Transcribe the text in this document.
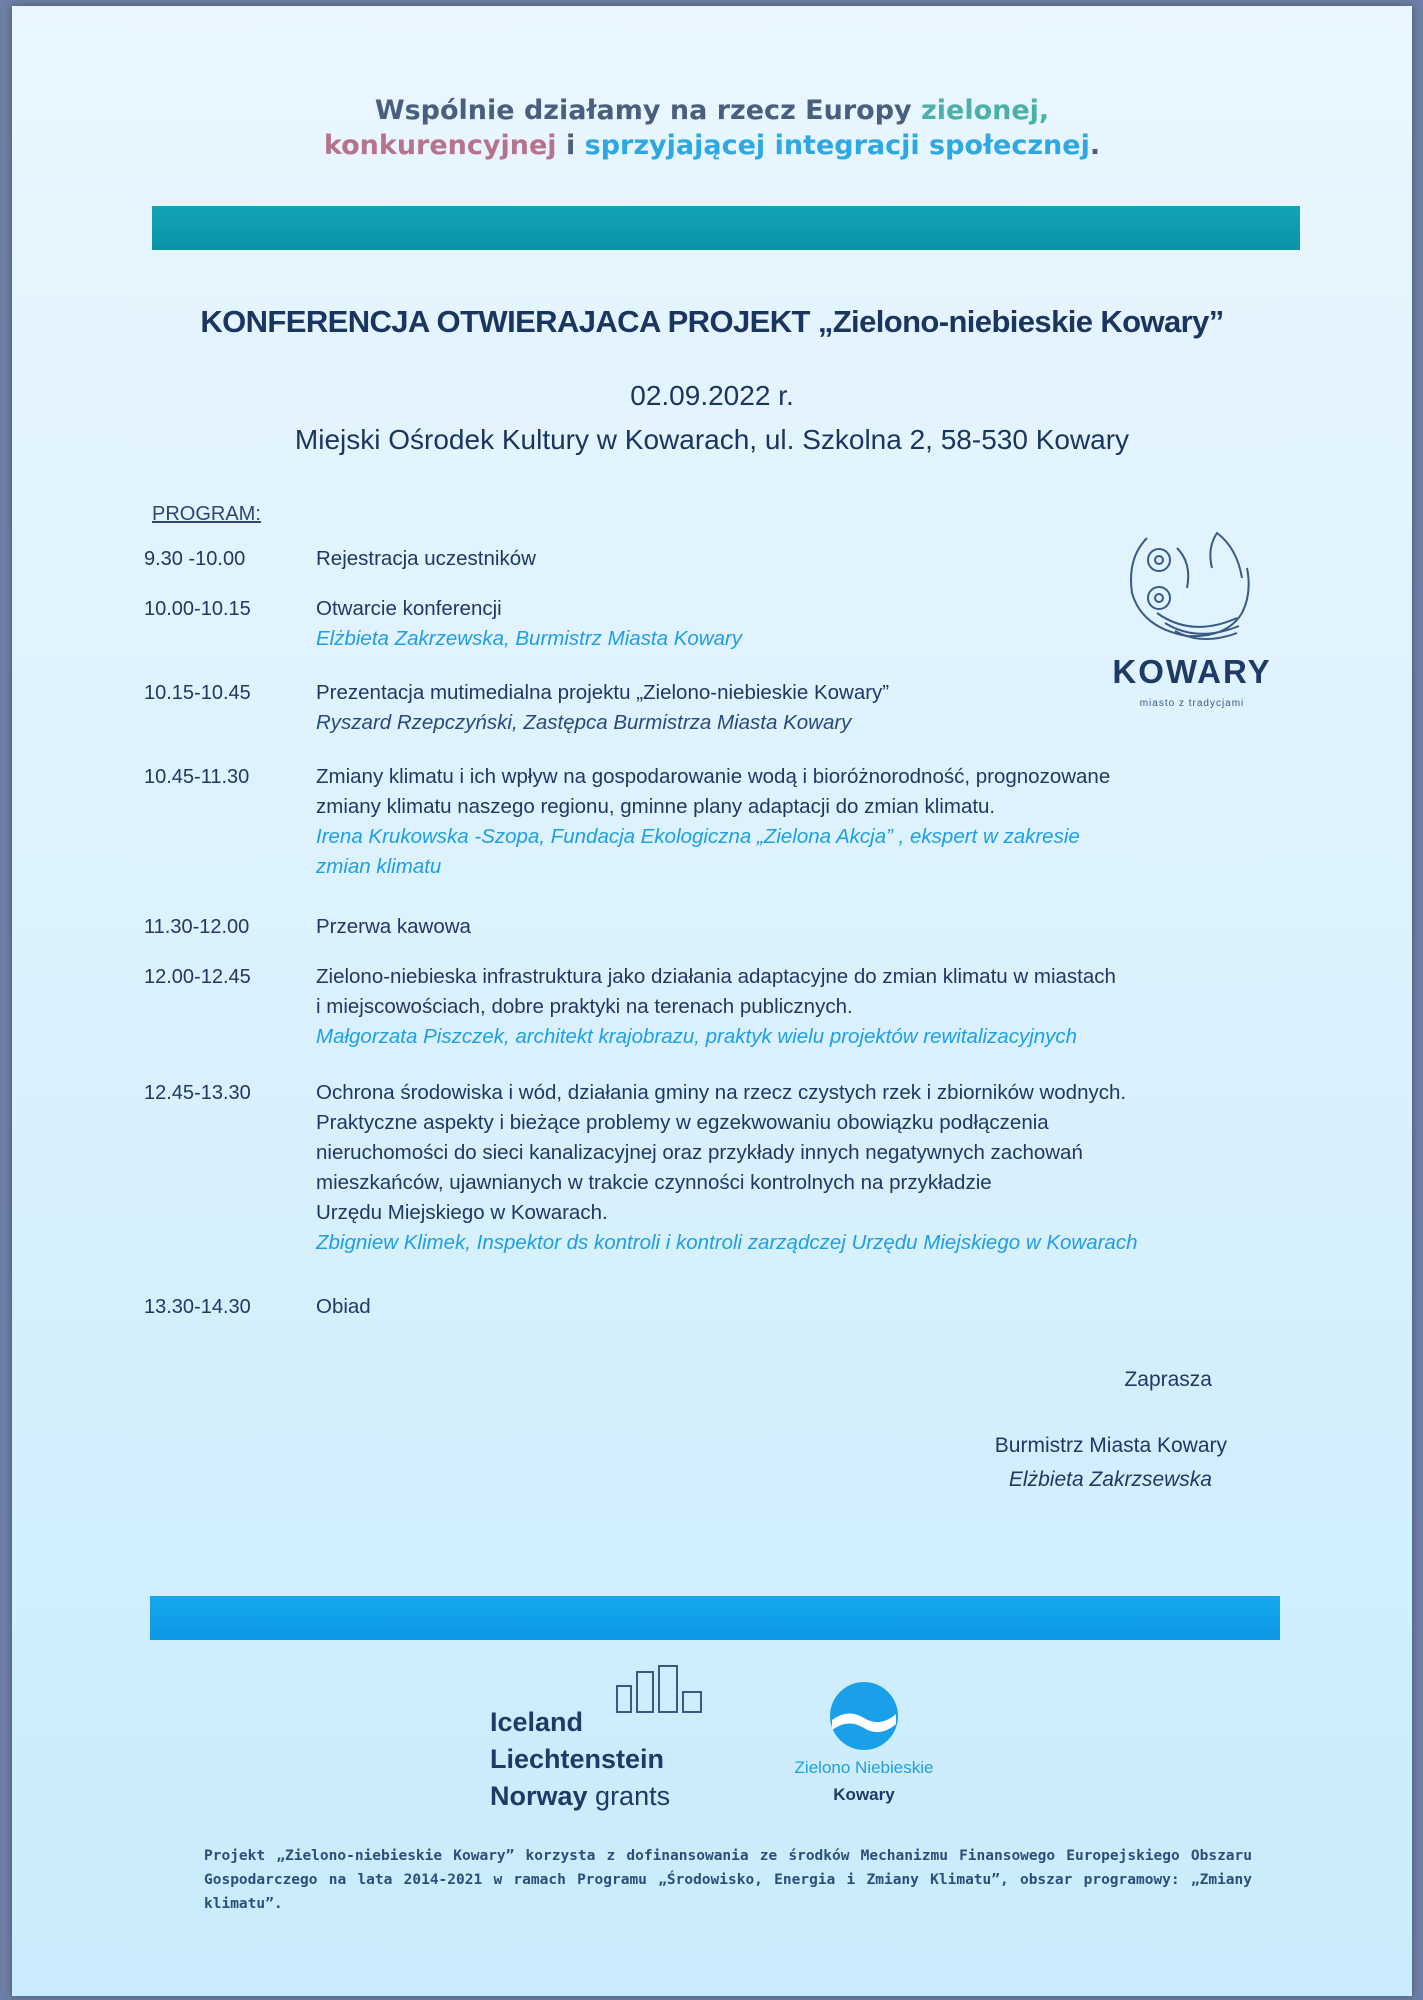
Wspólnie działamy na rzecz Europy zielonej,
konkurencyjnej i sprzyjającej integracji społecznej.
KONFERENCJA OTWIERAJACA PROJEKT „Zielono-niebieskie Kowary”
02.09.2022 r.
Miejski Ośrodek Kultury w Kowarach, ul. Szkolna 2, 58-530 Kowary
PROGRAM:
9.30 -10.00	Rejestracja uczestników
10.00-10.15	Otwarcie konferencji
Elżbieta Zakrzewska, Burmistrz Miasta Kowary
10.15-10.45	Prezentacja mutimedialna projektu „Zielono-niebieskie Kowary”
Ryszard Rzepczyński, Zastępca Burmistrza Miasta Kowary
10.45-11.30	Zmiany klimatu i ich wpływ na gospodarowanie wodą i bioróżnorodność, prognozowane
zmiany klimatu naszego regionu, gminne plany adaptacji do zmian klimatu.
Irena Krukowska -Szopa, Fundacja Ekologiczna „Zielona Akcja” , ekspert w zakresie
zmian klimatu
11.30-12.00	Przerwa kawowa
12.00-12.45	Zielono-niebieska infrastruktura jako działania adaptacyjne do zmian klimatu w miastach
i miejscowościach, dobre praktyki na terenach publicznych.
Małgorzata Piszczek, architekt krajobrazu, praktyk wielu projektów rewitalizacyjnych
12.45-13.30	Ochrona środowiska i wód, działania gminy na rzecz czystych rzek i zbiorników wodnych.
Praktyczne aspekty i bieżące problemy w egzekwowaniu obowiązku podłączenia
nieruchomości do sieci kanalizacyjnej oraz przykłady innych negatywnych zachowań
mieszkańców, ujawnianych w trakcie czynności kontrolnych na przykładzie
Urzędu Miejskiego w Kowarach.
Zbigniew Klimek, Inspektor ds kontroli i kontroli zarządczej Urzędu Miejskiego w Kowarach
13.30-14.30	Obiad
KOWARY
miasto z tradycjami
Zaprasza
Burmistrz Miasta Kowary
Elżbieta Zakrzsewska
Iceland
Liechtenstein
Norway grants
Zielono Niebieskie
Kowary
Projekt „Zielono-niebieskie Kowary” korzysta z dofinansowania ze środków Mechanizmu Finansowego Europejskiego Obszaru Gospodarczego na lata 2014-2021 w ramach Programu „Środowisko, Energia i Zmiany Klimatu”, obszar programowy: „Zmiany klimatu”.
